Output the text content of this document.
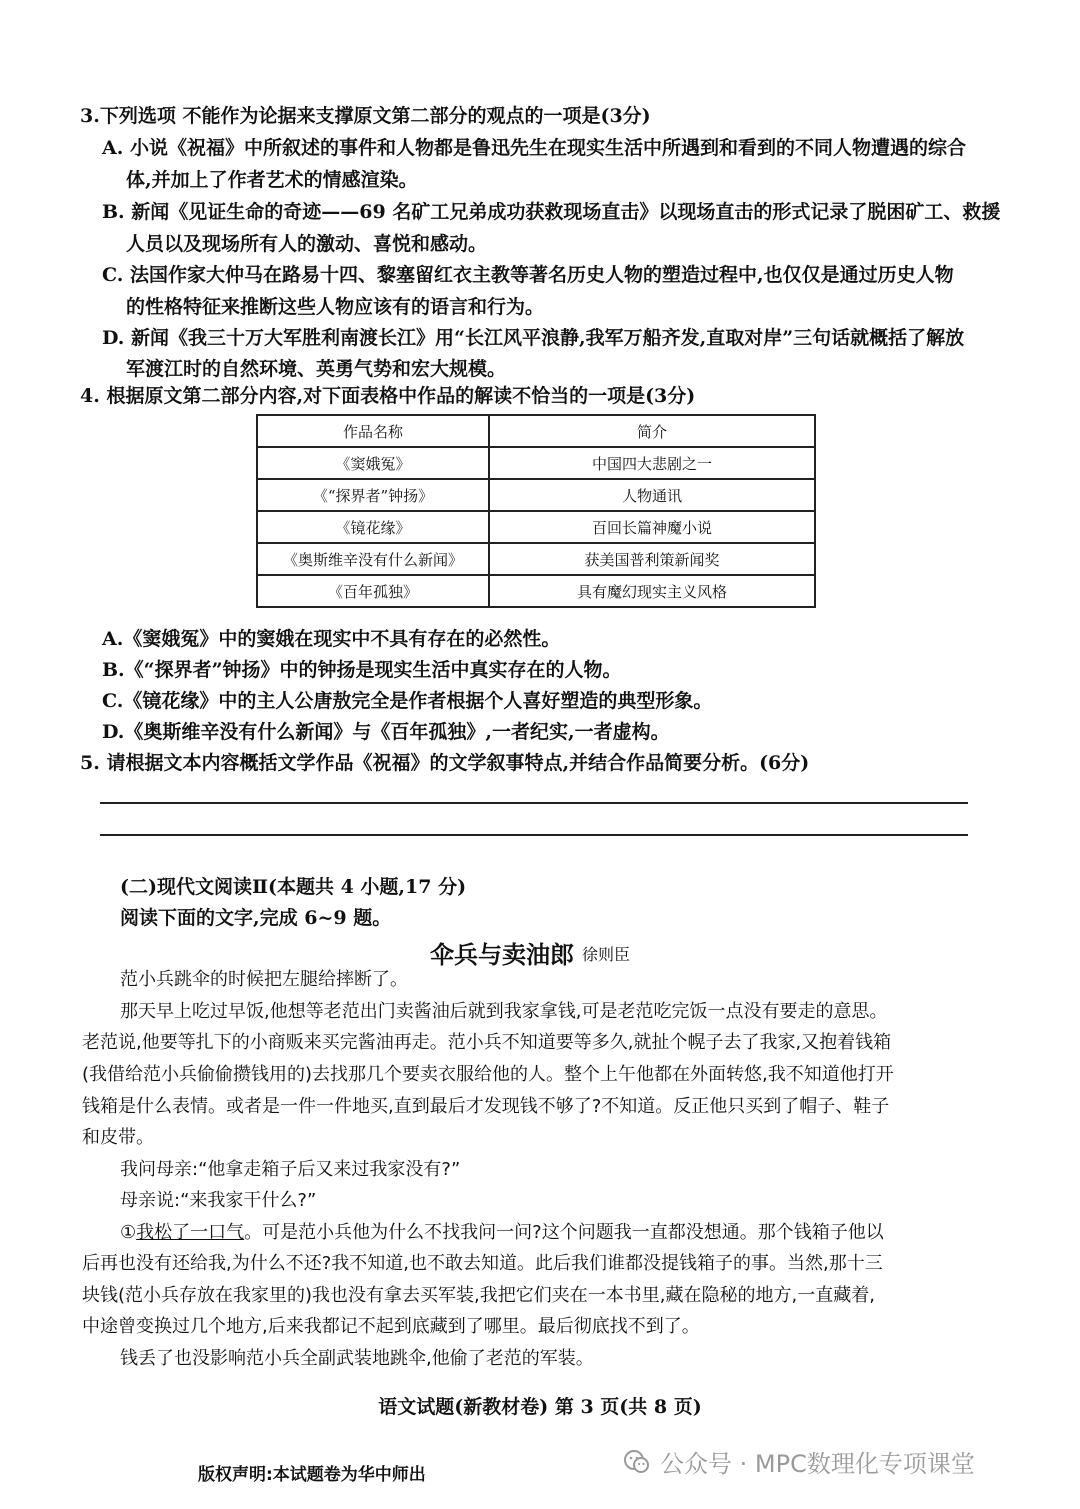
3.下列选项 不能作为论据来支撑原文第二部分的观点的一项是(3分)
A. 小说《祝福》中所叙述的事件和人物都是鲁迅先生在现实生活中所遇到和看到的不同人物遭遇的综合
体,并加上了作者艺术的情感渲染。
B. 新闻《见证生命的奇迹——69 名矿工兄弟成功获救现场直击》以现场直击的形式记录了脱困矿工、救援
人员以及现场所有人的激动、喜悦和感动。
C. 法国作家大仲马在路易十四、黎塞留红衣主教等著名历史人物的塑造过程中,也仅仅是通过历史人物
的性格特征来推断这些人物应该有的语言和行为。
D. 新闻《我三十万大军胜利南渡长江》用“长江风平浪静,我军万船齐发,直取对岸”三句话就概括了解放
军渡江时的自然环境、英勇气势和宏大规模。
4. 根据原文第二部分内容,对下面表格中作品的解读不恰当的一项是(3分)
作品名称	简介
《窦娥冤》	中国四大悲剧之一
《“探界者”钟扬》	人物通讯
《镜花缘》	百回长篇神魔小说
《奥斯维辛没有什么新闻》	获美国普利策新闻奖
《百年孤独》	具有魔幻现实主义风格
A.《窦娥冤》中的窦娥在现实中不具有存在的必然性。
B.《“探界者”钟扬》中的钟扬是现实生活中真实存在的人物。
C.《镜花缘》中的主人公唐敖完全是作者根据个人喜好塑造的典型形象。
D.《奥斯维辛没有什么新闻》与《百年孤独》,一者纪实,一者虚构。
5. 请根据文本内容概括文学作品《祝福》的文学叙事特点,并结合作品简要分析。(6分)
(二)现代文阅读Ⅱ(本题共 4 小题,17 分)
阅读下面的文字,完成 6~9 题。
伞兵与卖油郎 徐则臣
范小兵跳伞的时候把左腿给摔断了。
那天早上吃过早饭,他想等老范出门卖酱油后就到我家拿钱,可是老范吃完饭一点没有要走的意思。
老范说,他要等扎下的小商贩来买完酱油再走。范小兵不知道要等多久,就扯个幌子去了我家,又抱着钱箱
(我借给范小兵偷偷攒钱用的)去找那几个要卖衣服给他的人。整个上午他都在外面转悠,我不知道他打开
钱箱是什么表情。或者是一件一件地买,直到最后才发现钱不够了?不知道。反正他只买到了帽子、鞋子
和皮带。
我问母亲:“他拿走箱子后又来过我家没有?”
母亲说:“来我家干什么?”
①我松了一口气。可是范小兵他为什么不找我问一问?这个问题我一直都没想通。那个钱箱子他以
后再也没有还给我,为什么不还?我不知道,也不敢去知道。此后我们谁都没提钱箱子的事。当然,那十三
块钱(范小兵存放在我家里的)我也没有拿去买军装,我把它们夹在一本书里,藏在隐秘的地方,一直藏着,
中途曾变换过几个地方,后来我都记不起到底藏到了哪里。最后彻底找不到了。
钱丢了也没影响范小兵全副武装地跳伞,他偷了老范的军装。
语文试题(新教材卷) 第 3 页(共 8 页)
版权声明:本试题卷为华中师出	公众号 · MPC数理化专项课堂
